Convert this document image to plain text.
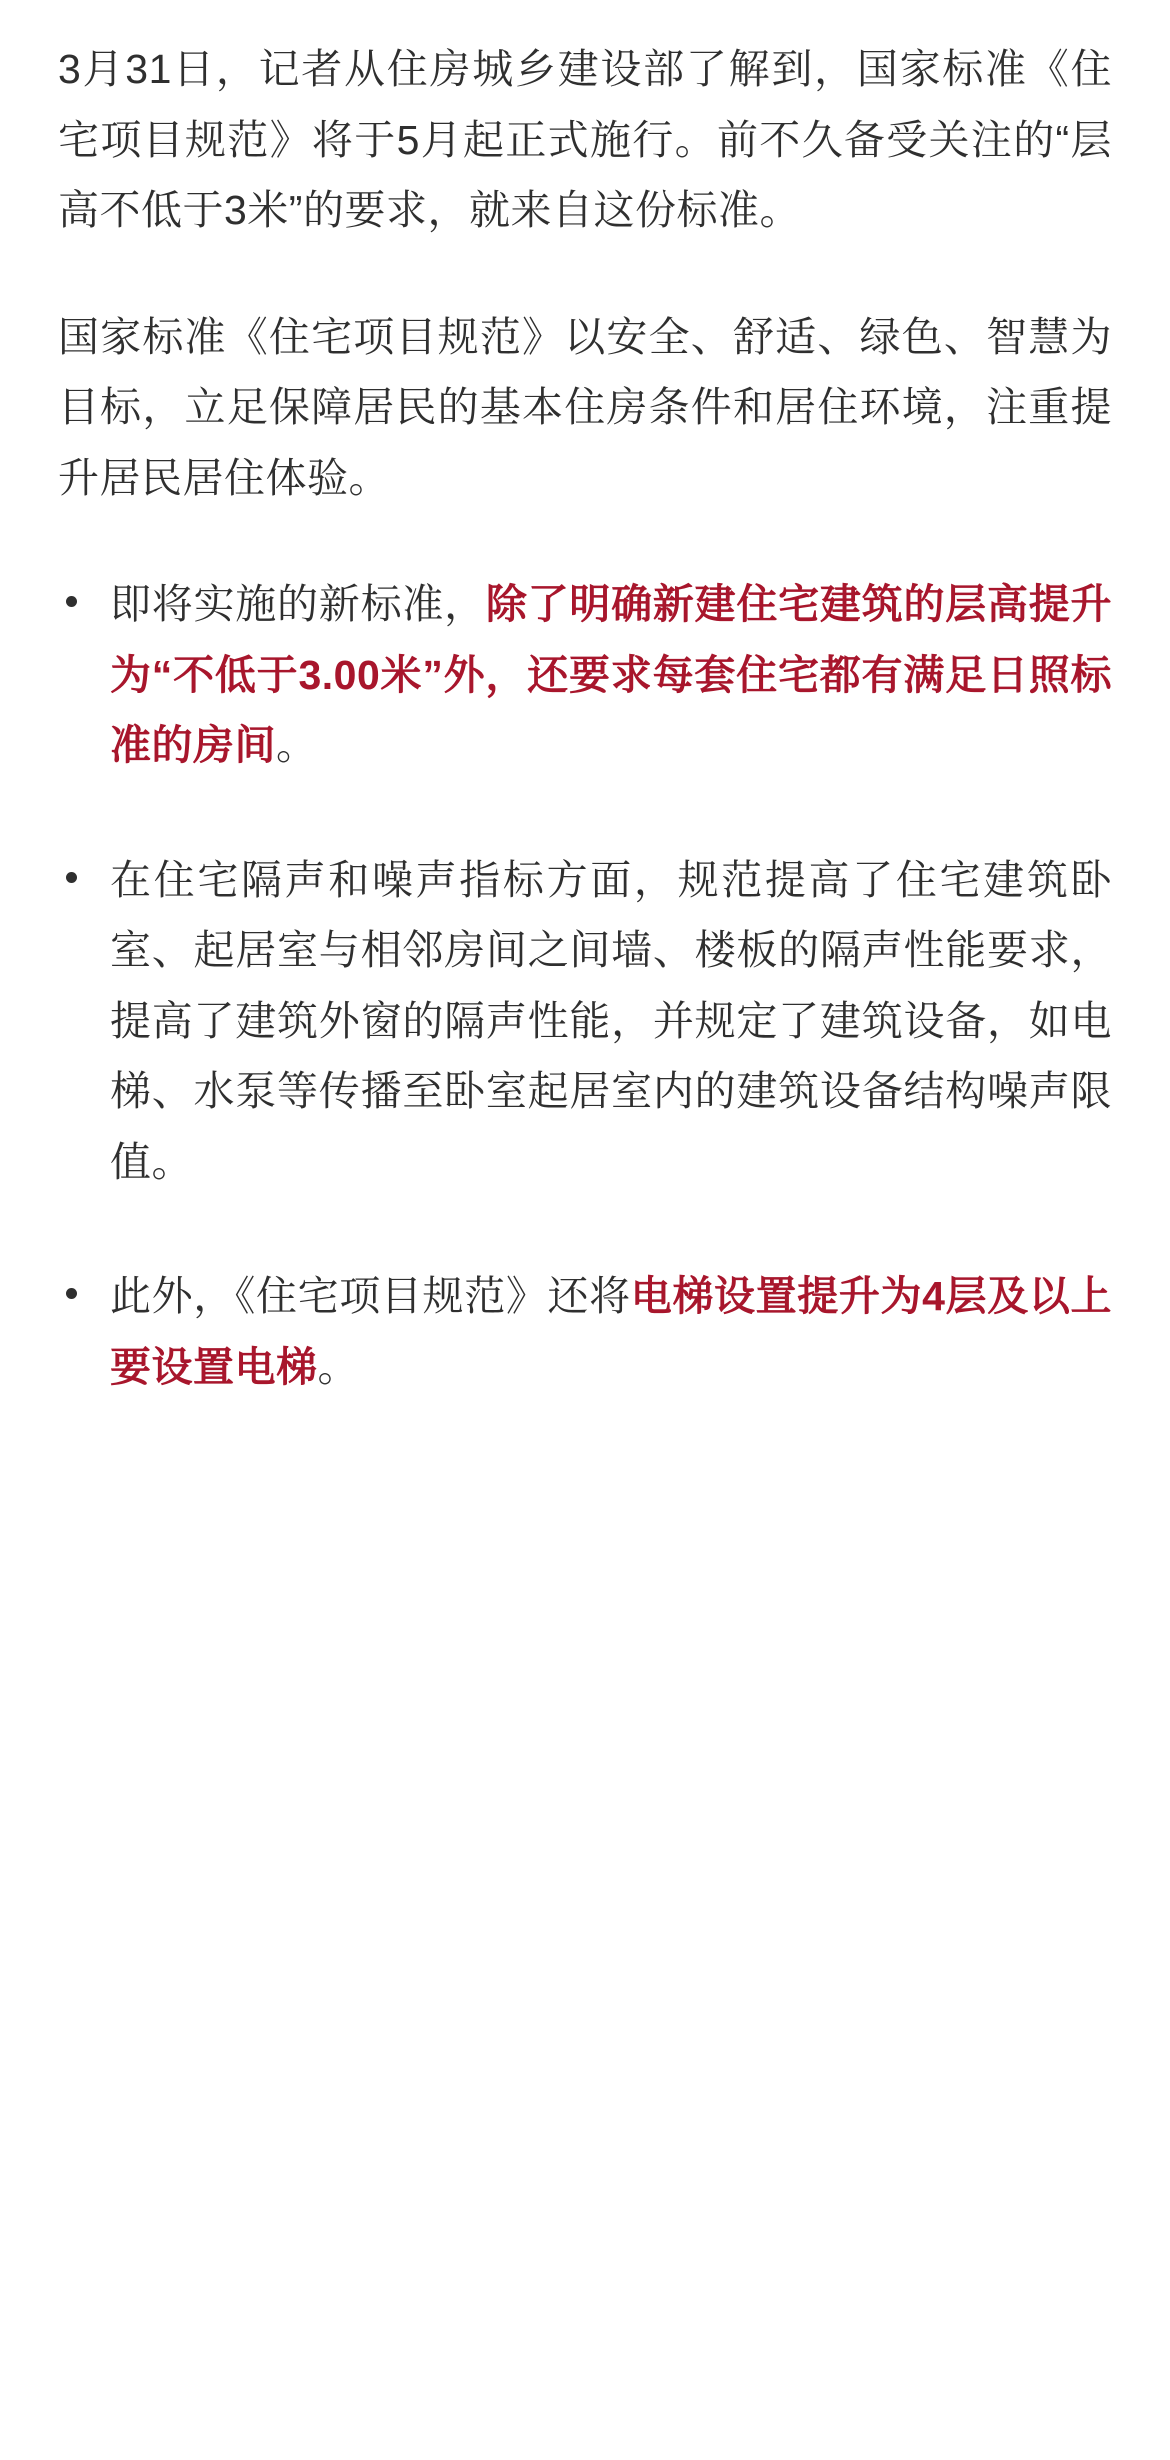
3月31日，记者从住房城乡建设部了解到，国家标准《住宅项目规范》将于5月起正式施行。前不久备受关注的“层高不低于3米”的要求，就来自这份标准。

国家标准《住宅项目规范》以安全、舒适、绿色、智慧为目标，立足保障居民的基本住房条件和居住环境，注重提升居民居住体验。

即将实施的新标准，除了明确新建住宅建筑的层高提升为“不低于3.00米”外，还要求每套住宅都有满足日照标准的房间。
在住宅隔声和噪声指标方面，规范提高了住宅建筑卧室、起居室与相邻房间之间墙、楼板的隔声性能要求，提高了建筑外窗的隔声性能，并规定了建筑设备，如电梯、水泵等传播至卧室起居室内的建筑设备结构噪声限值。
此外，《住宅项目规范》还将电梯设置提升为4层及以上要设置电梯。
